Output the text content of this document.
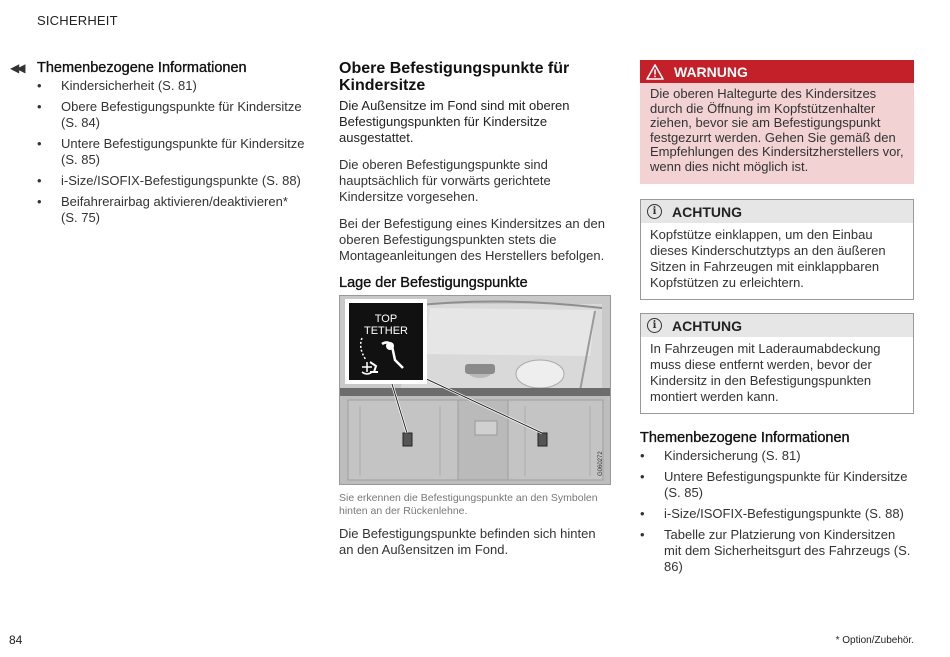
SICHERHEIT
◀◀ Themenbezogene Informationen
• Kindersicherheit (S. 81)
• Obere Befestigungspunkte für Kindersitze (S. 84)
• Untere Befestigungspunkte für Kindersitze (S. 85)
• i-Size/ISOFIX-Befestigungspunkte (S. 88)
• Beifahrerairbag aktivieren/deaktivieren* (S. 75)
Obere Befestigungspunkte für Kindersitze

Die Außensitze im Fond sind mit oberen Befestigungspunkten für Kindersitze ausgestattet.

Die oberen Befestigungspunkte sind hauptsächlich für vorwärts gerichtete Kindersitze vorgesehen.

Bei der Befestigung eines Kindersitzes an den oberen Befestigungspunkten stets die Montageanleitungen des Herstellers befolgen.

Lage der Befestigungspunkte
TOP
TETHER
G060272

Sie erkennen die Befestigungspunkte an den Symbolen hinten an der Rückenlehne.

Die Befestigungspunkte befinden sich hinten an den Außensitzen im Fond.

WARNUNG
Die oberen Haltegurte des Kindersitzes durch die Öffnung im Kopfstützenhalter ziehen, bevor sie am Befestigungspunkt festgezurrt werden. Gehen Sie gemäß den Empfehlungen des Kindersitzherstellers vor, wenn dies nicht möglich ist.
i	ACHTUNG
Kopfstütze einklappen, um den Einbau dieses Kinderschutztyps an den äußeren Sitzen in Fahrzeugen mit einklappbaren Kopfstützen zu erleichtern.
i	ACHTUNG
In Fahrzeugen mit Laderaumabdeckung muss diese entfernt werden, bevor der Kindersitz in den Befestigungspunkten montiert werden kann.
Themenbezogene Informationen
• Kindersicherung (S. 81)
• Untere Befestigungspunkte für Kindersitze (S. 85)
• i-Size/ISOFIX-Befestigungspunkte (S. 88)
• Tabelle zur Platzierung von Kindersitzen mit dem Sicherheitsgurt des Fahrzeugs (S. 86)
84	* Option/Zubehör.
